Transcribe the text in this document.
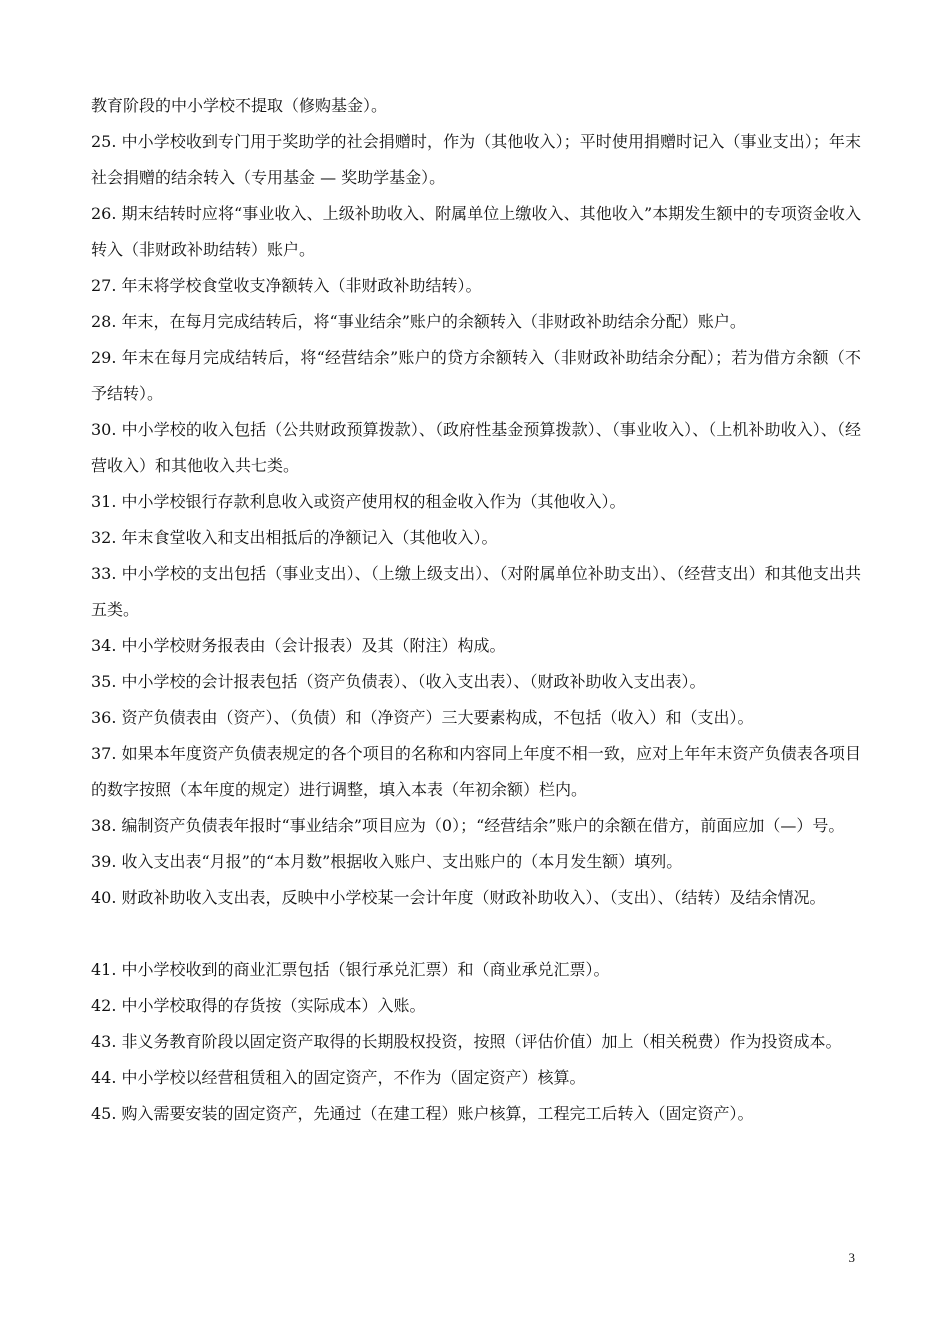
教育阶段的中小学校不提取（修购基金）。

25. 中小学校收到专门用于奖助学的社会捐赠时，作为（其他收入）；平时使用捐赠时记入（事业支出）；年末社会捐赠的结余转入（专用基金 — 奖助学基金）。

26. 期末结转时应将“事业收入、上级补助收入、附属单位上缴收入、其他收入”本期发生额中的专项资金收入转入（非财政补助结转）账户。

27. 年末将学校食堂收支净额转入（非财政补助结转）。

28. 年末，在每月完成结转后，将“事业结余”账户的余额转入（非财政补助结余分配）账户。

29. 年末在每月完成结转后，将“经营结余”账户的贷方余额转入（非财政补助结余分配）；若为借方余额（不予结转）。

30. 中小学校的收入包括（公共财政预算拨款）、（政府性基金预算拨款）、（事业收入）、（上机补助收入）、（经营收入）和其他收入共七类。

31. 中小学校银行存款利息收入或资产使用权的租金收入作为（其他收入）。

32. 年末食堂收入和支出相抵后的净额记入（其他收入）。

33. 中小学校的支出包括（事业支出）、（上缴上级支出）、（对附属单位补助支出）、（经营支出）和其他支出共五类。

34. 中小学校财务报表由（会计报表）及其（附注）构成。

35. 中小学校的会计报表包括（资产负债表）、（收入支出表）、（财政补助收入支出表）。

36. 资产负债表由（资产）、（负债）和（净资产）三大要素构成，不包括（收入）和（支出）。

37. 如果本年度资产负债表规定的各个项目的名称和内容同上年度不相一致，应对上年年末资产负债表各项目的数字按照（本年度的规定）进行调整，填入本表（年初余额）栏内。

38. 编制资产负债表年报时“事业结余”项目应为（0）；“经营结余”账户的余额在借方，前面应加（—）号。

39. 收入支出表“月报”的“本月数”根据收入账户、支出账户的（本月发生额）填列。

40. 财政补助收入支出表，反映中小学校某一会计年度（财政补助收入）、（支出）、（结转）及结余情况。

41. 中小学校收到的商业汇票包括（银行承兑汇票）和（商业承兑汇票）。

42. 中小学校取得的存货按（实际成本）入账。

43. 非义务教育阶段以固定资产取得的长期股权投资，按照（评估价值）加上（相关税费）作为投资成本。

44. 中小学校以经营租赁租入的固定资产，不作为（固定资产）核算。

45. 购入需要安装的固定资产，先通过（在建工程）账户核算，工程完工后转入（固定资产）。

3
